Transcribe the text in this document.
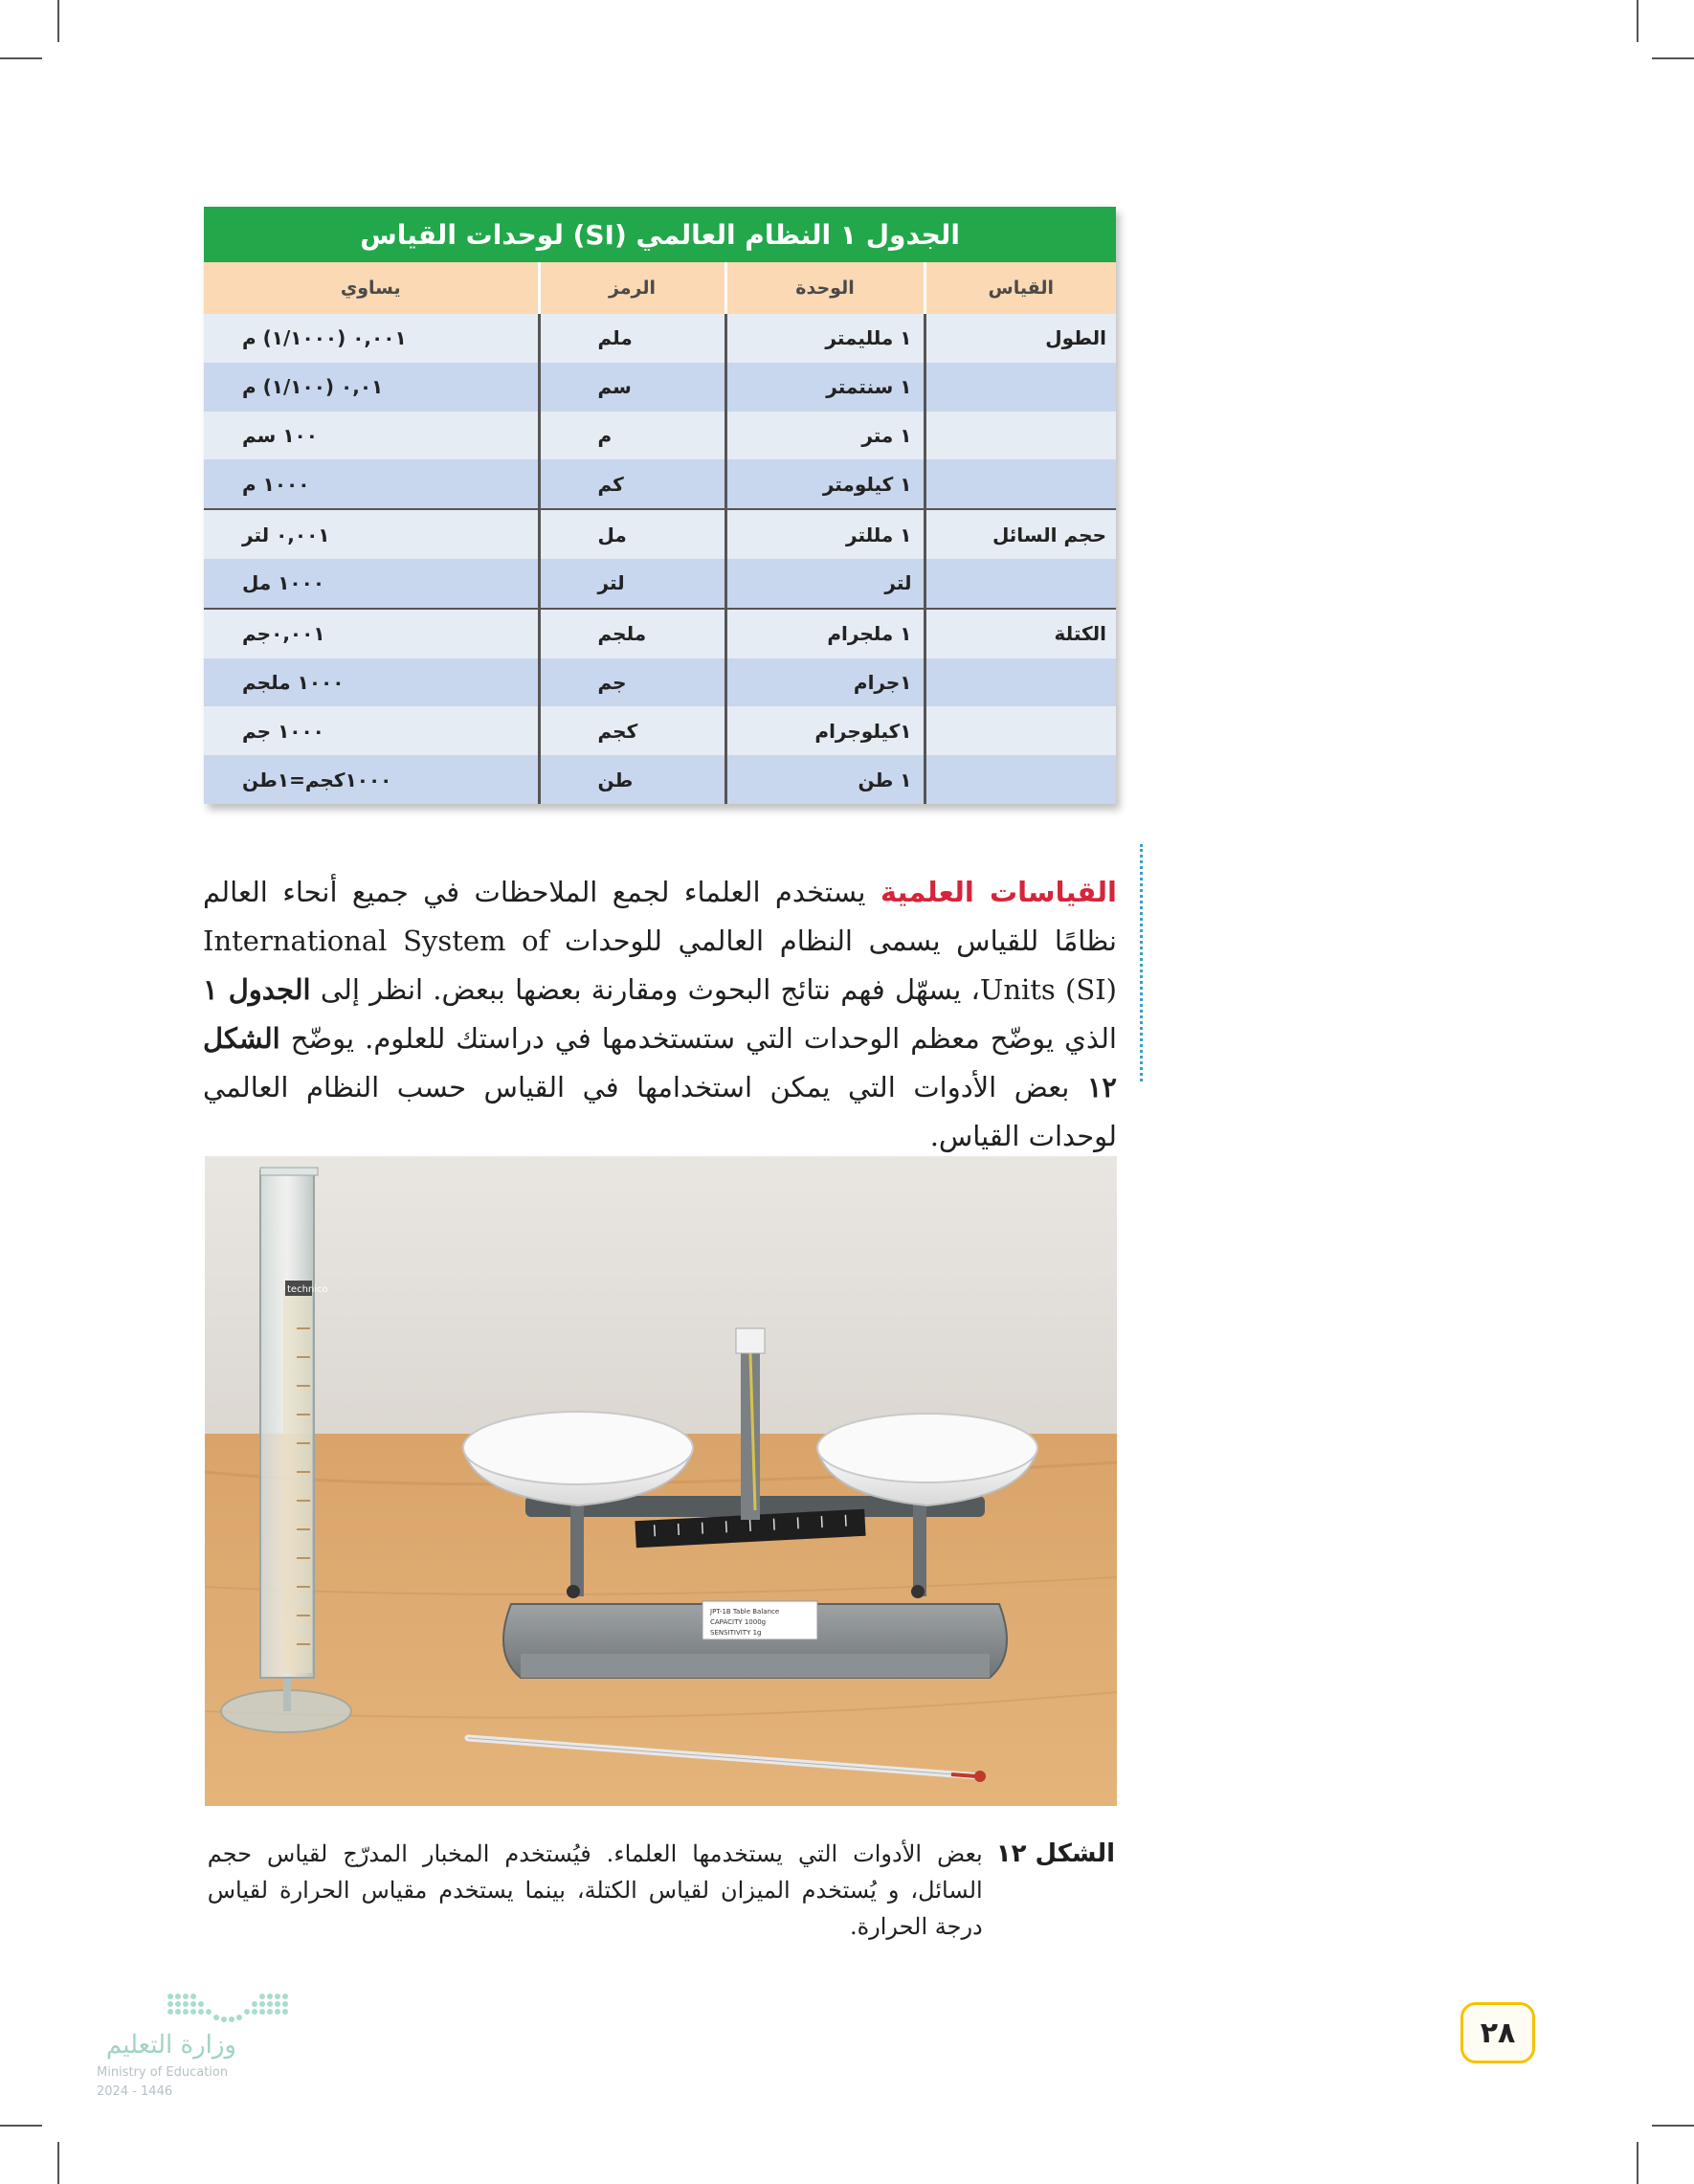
الجدول ١ النظام العالمي (SI) لوحدات القياس
القياس	الوحدة	الرمز	يساوي
الطول	١ ملليمتر	ملم	٠,٠٠١ (١/١٠٠٠) م
	١ سنتمتر	سم	٠,٠١ (١/١٠٠) م
	١ متر	م	١٠٠ سم
	١ كيلومتر	كم	١٠٠٠ م
حجم السائل	١ مللتر	مل	٠,٠٠١ لتر
	لتر	لتر	١٠٠٠ مل
الكتلة	١ ملجرام	ملجم	٠,٠٠١جم
	١جرام	جم	١٠٠٠ ملجم
	١كيلوجرام	كجم	١٠٠٠ جم
	١ طن	طن	١٠٠٠كجم=١طن

القياسات العلمية يستخدم العلماء لجمع الملاحظات في جميع أنحاء العالم نظامًا للقياس يسمى النظام العالمي للوحدات International System of Units (SI)، يسهّل فهم نتائج البحوث ومقارنة بعضها ببعض. انظر إلى الجدول ١ الذي يوضّح معظم الوحدات التي ستستخدمها في دراستك للعلوم. يوضّح الشكل ١٢ بعض الأدوات التي يمكن استخدامها في القياس حسب النظام العالمي لوحدات القياس.

technico
JPT-1B Table Balance
CAPACITY 1000g
SENSITIVITY 1g
الشكل ١٢
بعض الأدوات التي يستخدمها العلماء. فيُستخدم المخبار المدرّج لقياس حجم السائل، و يُستخدم الميزان لقياس الكتلة، بينما يستخدم مقياس الحرارة لقياس درجة الحرارة.
وزارة التعليم
Ministry of Education
2024 - 1446
٢٨
